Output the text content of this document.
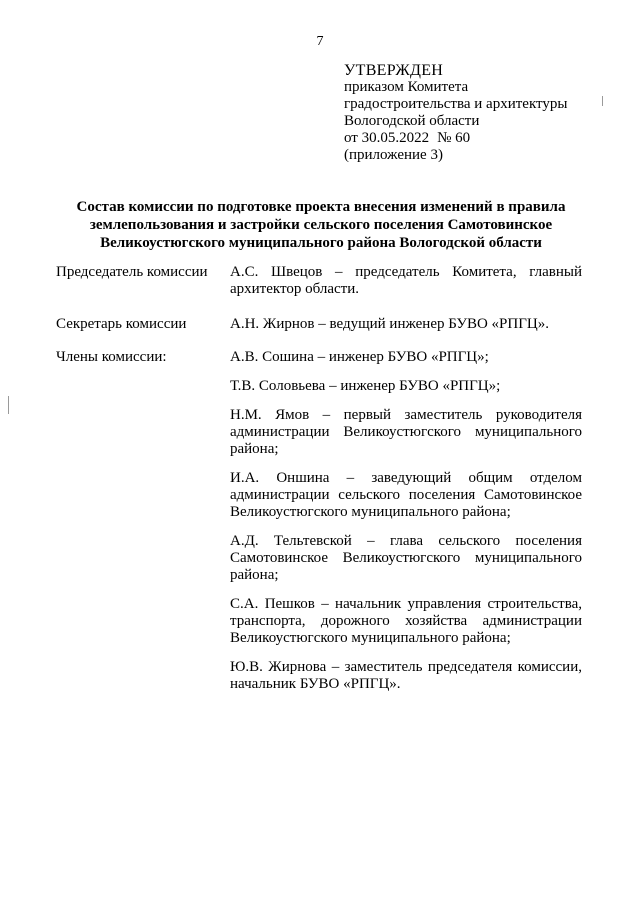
7
УТВЕРЖДЕН
приказом Комитета
градостроительства и архитектуры
Вологодской области
от 30.05.2022 № 60
(приложение 3)
Состав комиссии по подготовке проекта внесения изменений в правила
землепользования и застройки сельского поселения Самотовинское
Великоустюгского муниципального района Вологодской области
Председатель комиссии	А.С. Швецов – председатель Комитета, главный архитектор области.
Секретарь комиссии	А.Н. Жирнов – ведущий инженер БУВО «РПГЦ».
Члены комиссии:	А.В. Сошина – инженер БУВО «РПГЦ»;
Т.В. Соловьева – инженер БУВО «РПГЦ»;
Н.М. Ямов – первый заместитель руководителя администрации Великоустюгского муниципального района;
И.А. Оншина – заведующий общим отделом администрации сельского поселения Самотовинское Великоустюгского муниципального района;
А.Д. Тельтевской – глава сельского поселения Самотовинское Великоустюгского муниципального района;
С.А. Пешков – начальник управления строительства, транспорта, дорожного хозяйства администрации Великоустюгского муниципального района;
Ю.В. Жирнова – заместитель председателя комиссии, начальник БУВО «РПГЦ».
